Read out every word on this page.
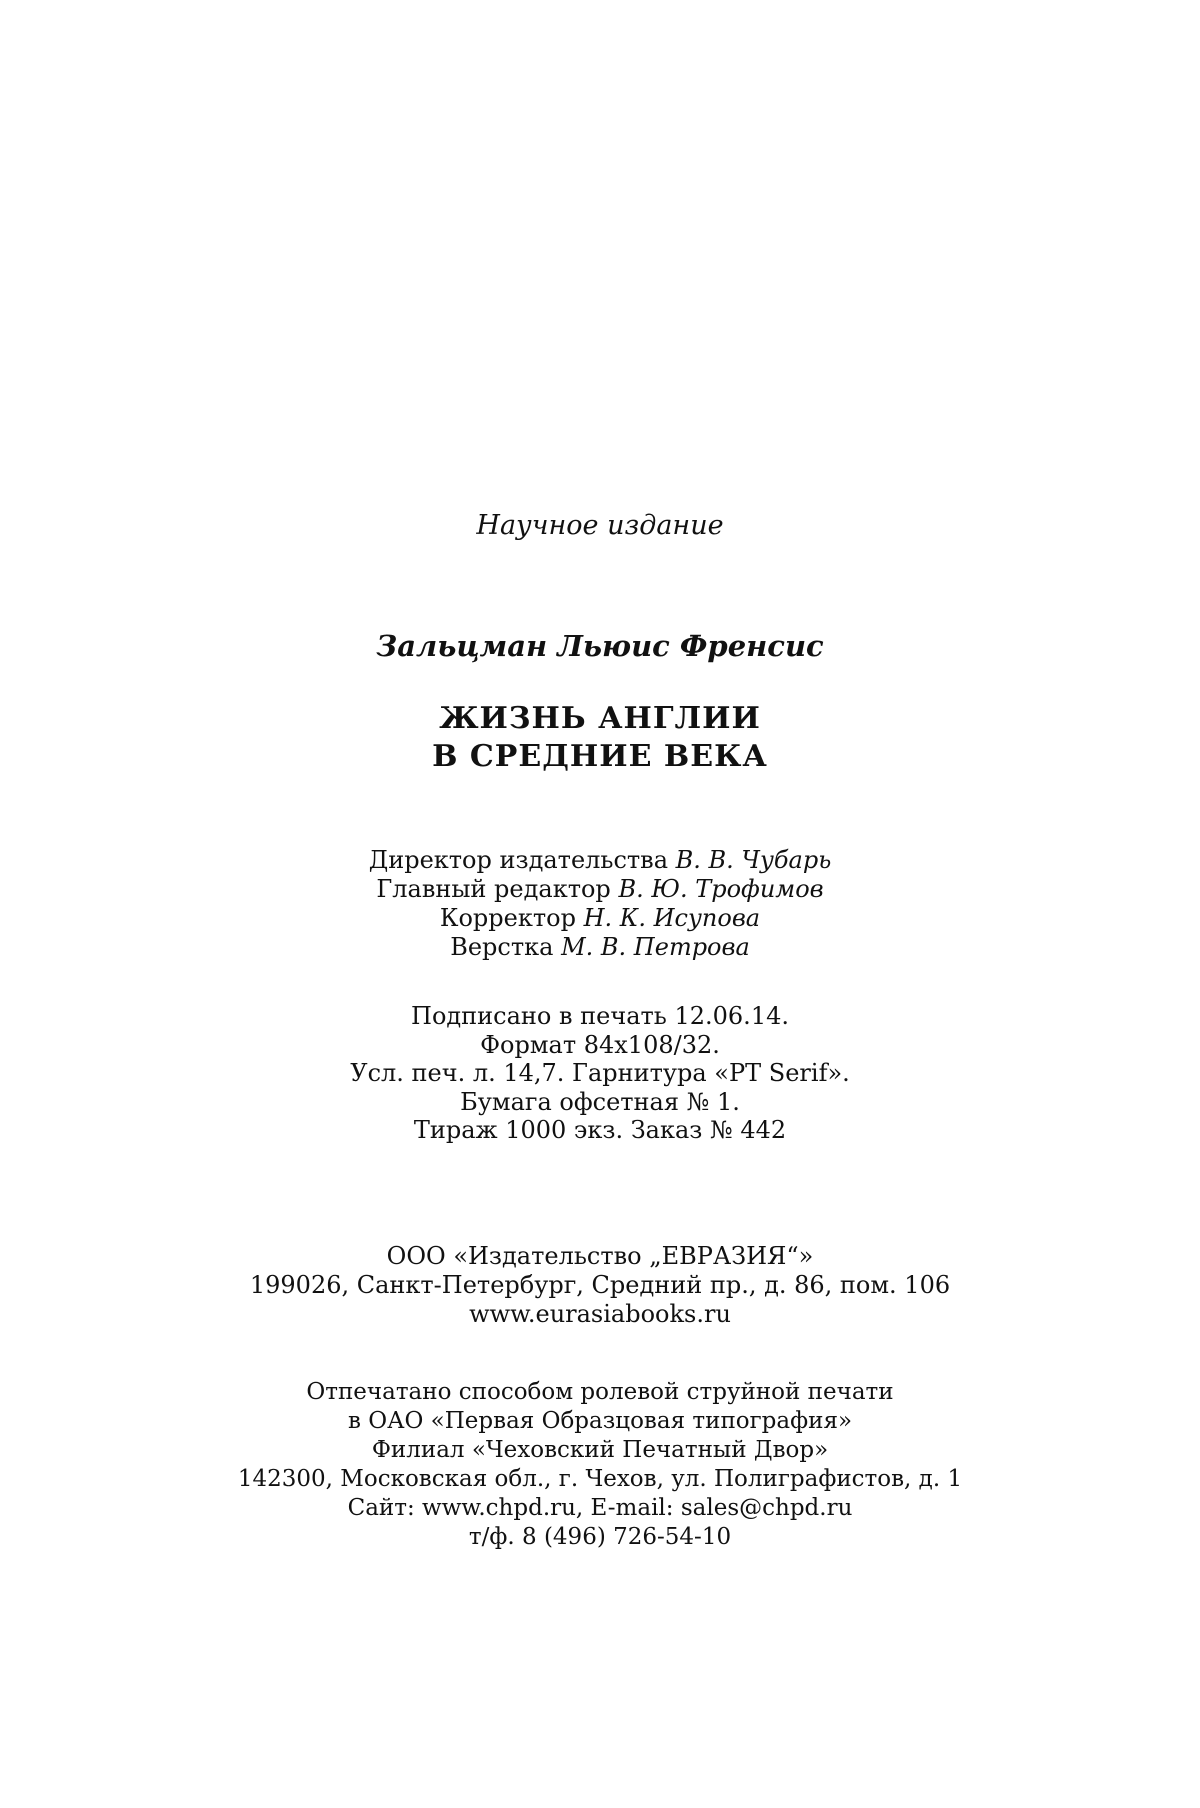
Научное издание
Зальцман Льюис Френсис
ЖИЗНЬ АНГЛИИ
В СРЕДНИЕ ВЕКА
Директор издательства В. В. Чубарь
Главный редактор В. Ю. Трофимов
Корректор Н. К. Исупова
Верстка М. В. Петрова
Подписано в печать 12.06.14.
Формат 84x108/32.
Усл. печ. л. 14,7. Гарнитура «PT Serif».
Бумага офсетная № 1.
Тираж 1000 экз. Заказ № 442
ООО «Издательство „ЕВРАЗИЯ“»
199026, Санкт-Петербург, Средний пр., д. 86, пом. 106
www.eurasiabooks.ru
Отпечатано способом ролевой струйной печати
в ОАО «Первая Образцовая типография»
Филиал «Чеховский Печатный Двор»
142300, Московская обл., г. Чехов, ул. Полиграфистов, д. 1
Сайт: www.chpd.ru, E-mail: sales@chpd.ru
т/ф. 8 (496) 726-54-10
